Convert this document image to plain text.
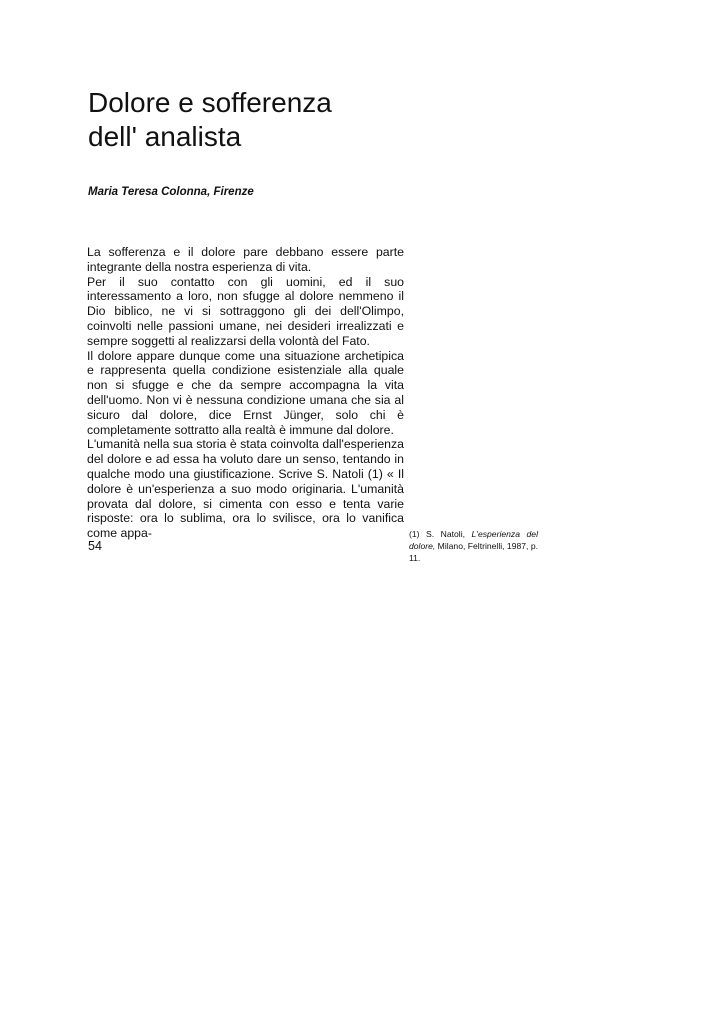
Dolore e sofferenza
dell' analista

Maria Teresa Colonna, Firenze

La sofferenza e il dolore pare debbano essere parte integrante della nostra esperienza di vita.

Per il suo contatto con gli uomini, ed il suo interessamento a loro, non sfugge al dolore nemmeno il Dio biblico, ne vi si sottraggono gli dei dell'Olimpo, coinvolti nelle passioni umane, nei desideri irrealizzati e sempre soggetti al realizzarsi della volontà del Fato.

Il dolore appare dunque come una situazione archetipica e rappresenta quella condizione esistenziale alla quale non si sfugge e che da sempre accompagna la vita dell'uomo. Non vi è nessuna condizione umana che sia al sicuro dal dolore, dice Ernst Jünger, solo chi è completamente sottratto alla realtà è immune dal dolore.

L'umanità nella sua storia è stata coinvolta dall'esperienza del dolore e ad essa ha voluto dare un senso, tentando in qualche modo una giustificazione. Scrive S. Natoli (1) « Il dolore è un'esperienza a suo modo originaria. L'umanità provata dal dolore, si cimenta con esso e tenta varie risposte: ora lo sublima, ora lo svilisce, ora lo vanifica come appa-	(1) S. Natoli, L'esperienza del dolore, Milano, Feltrinelli, 1987, p. 11.

54
